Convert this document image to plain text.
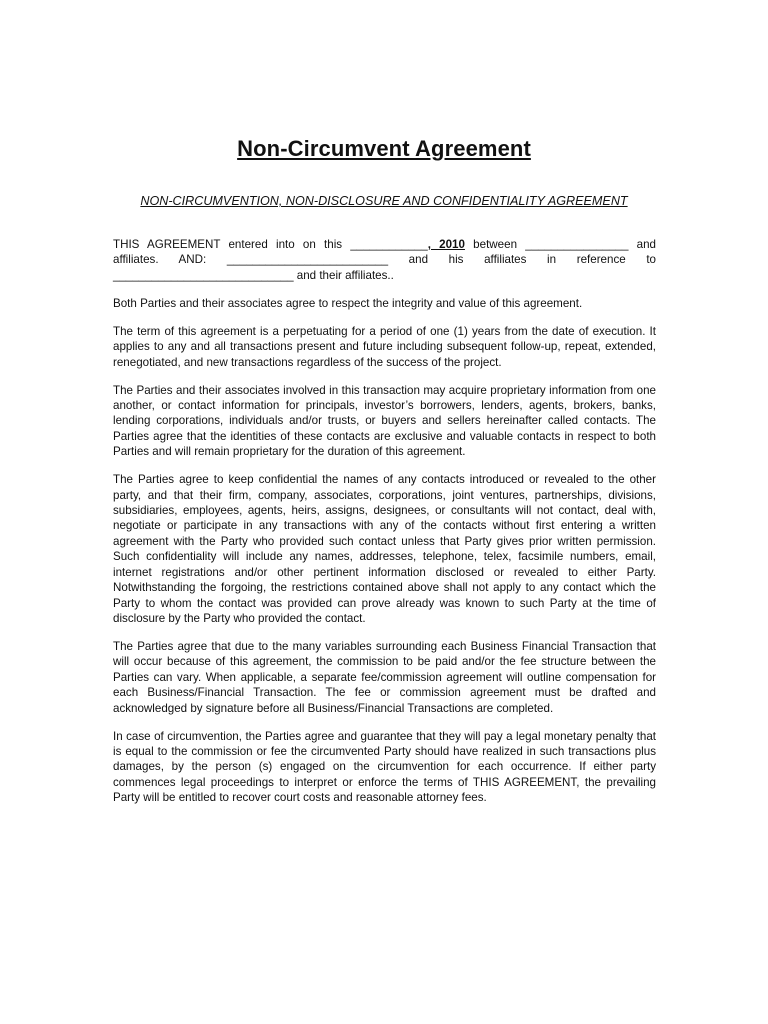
Non-Circumvent Agreement
NON-CIRCUMVENTION, NON-DISCLOSURE AND CONFIDENTIALITY AGREEMENT

THIS AGREEMENT entered into on this ____________, 2010 between ________________ and
affiliates. AND: _________________________ and his affiliates in reference to
____________________________ and their affiliates..

Both Parties and their associates agree to respect the integrity and value of this agreement.

The term of this agreement is a perpetuating for a period of one (1) years from the date of execution. It applies to any and all transactions present and future including subsequent follow-up, repeat, extended, renegotiated, and new transactions regardless of the success of the project.

The Parties and their associates involved in this transaction may acquire proprietary information from one another, or contact information for principals, investor’s borrowers, lenders, agents, brokers, banks, lending corporations, individuals and/or trusts, or buyers and sellers hereinafter called contacts. The Parties agree that the identities of these contacts are exclusive and valuable contacts in respect to both Parties and will remain proprietary for the duration of this agreement.

The Parties agree to keep confidential the names of any contacts introduced or revealed to the other party, and that their firm, company, associates, corporations, joint ventures, partnerships, divisions, subsidiaries, employees, agents, heirs, assigns, designees, or consultants will not contact, deal with, negotiate or participate in any transactions with any of the contacts without first entering a written agreement with the Party who provided such contact unless that Party gives prior written permission. Such confidentiality will include any names, addresses, telephone, telex, facsimile numbers, email, internet registrations and/or other pertinent information disclosed or revealed to either Party. Notwithstanding the forgoing, the restrictions contained above shall not apply to any contact which the Party to whom the contact was provided can prove already was known to such Party at the time of disclosure by the Party who provided the contact.

The Parties agree that due to the many variables surrounding each Business Financial Transaction that will occur because of this agreement, the commission to be paid and/or the fee structure between the Parties can vary. When applicable, a separate fee/commission agreement will outline compensation for each Business/Financial Transaction. The fee or commission agreement must be drafted and acknowledged by signature before all Business/Financial Transactions are completed.

In case of circumvention, the Parties agree and guarantee that they will pay a legal monetary penalty that is equal to the commission or fee the circumvented Party should have realized in such transactions plus damages, by the person (s) engaged on the circumvention for each occurrence. If either party commences legal proceedings to interpret or enforce the terms of THIS AGREEMENT, the prevailing Party will be entitled to recover court costs and reasonable attorney fees.
